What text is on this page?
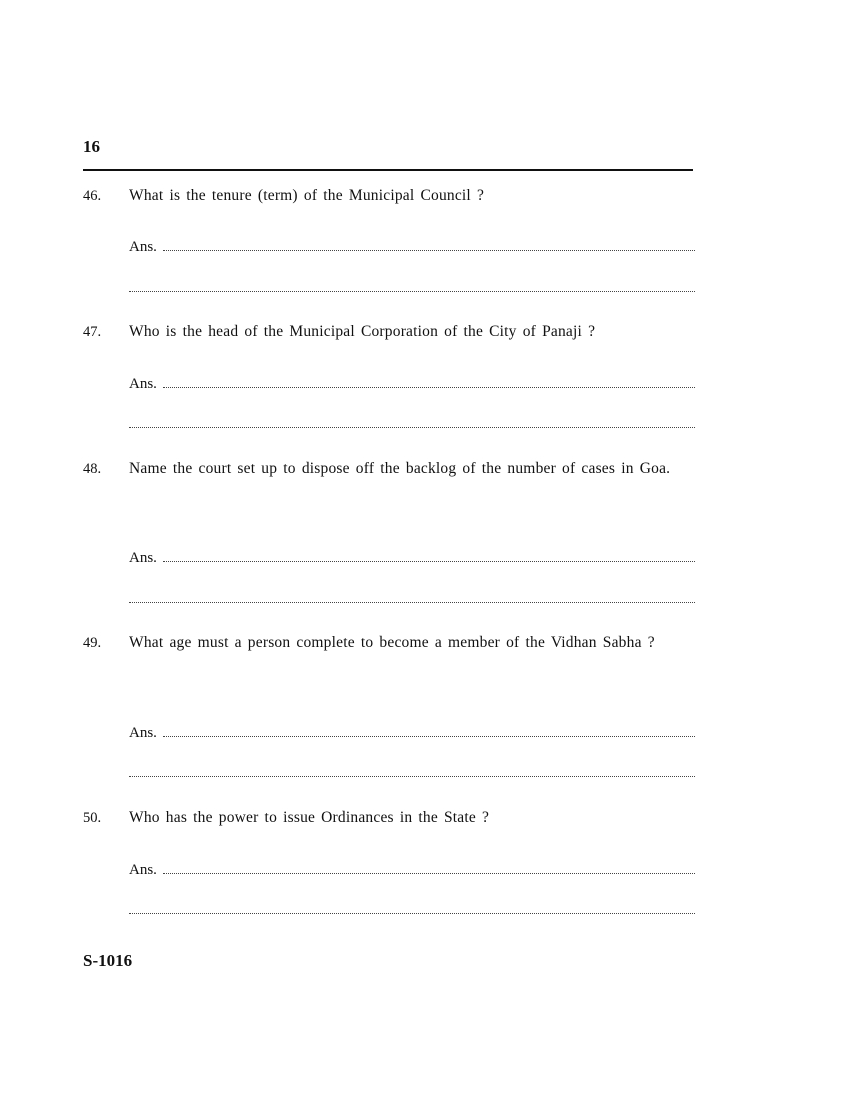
16
46.	What is the tenure (term) of the Municipal Council ?
Ans.
47.	Who is the head of the Municipal Corporation of the City of Panaji ?
Ans.
48.	Name the court set up to dispose off the backlog of the number of cases in Goa.
Ans.
49.	What age must a person complete to become a member of the Vidhan Sabha ?
Ans.
50.	Who has the power to issue Ordinances in the State ?
Ans.
S-1016
